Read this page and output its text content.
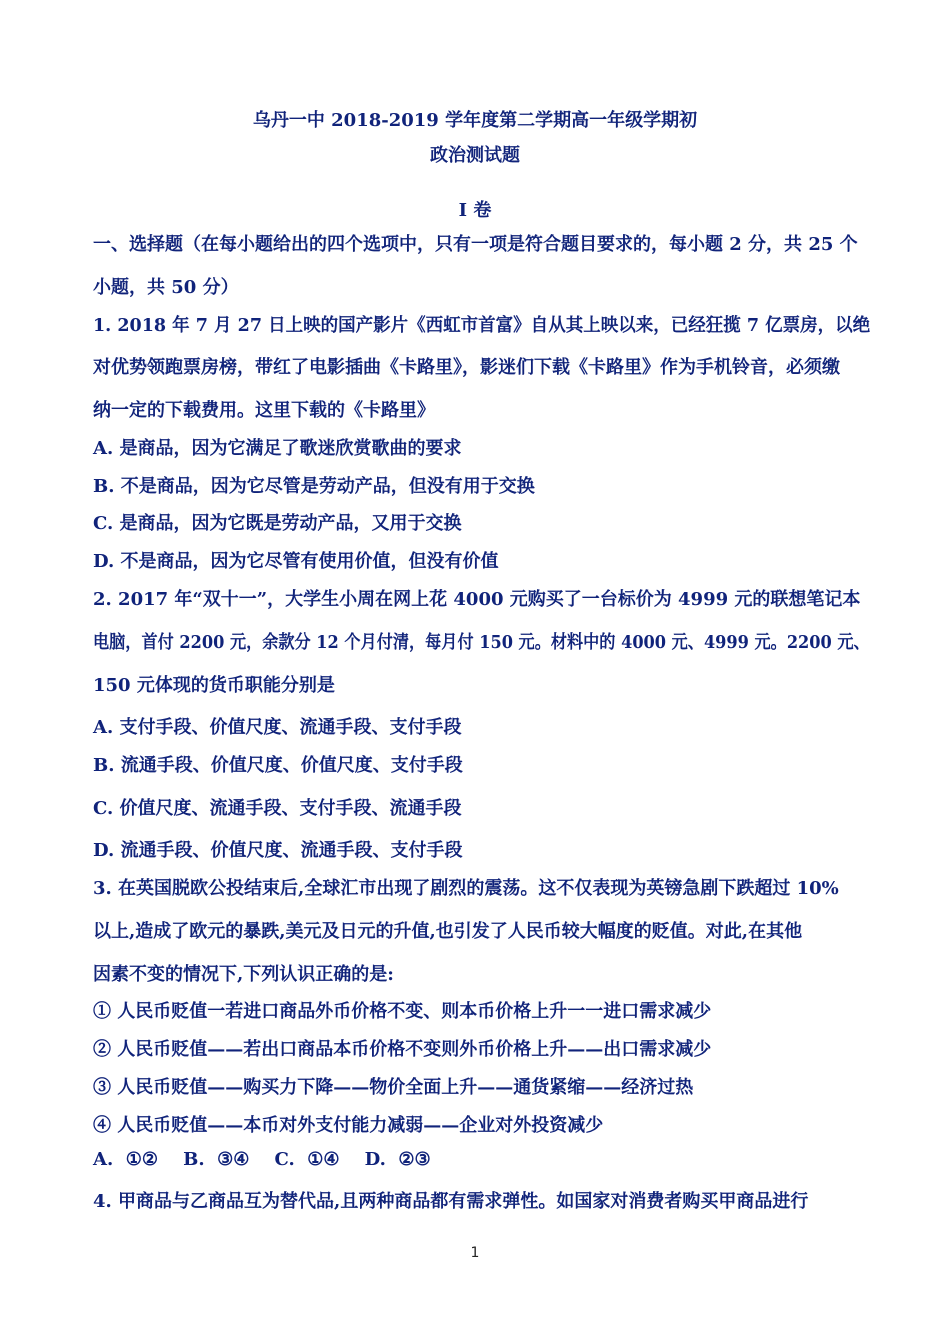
乌丹一中 2018-2019 学年度第二学期高一年级学期初
政治测试题
I 卷
一、选择题（在每小题给出的四个选项中，只有一项是符合题目要求的，每小题 2 分，共 25 个
小题，共 50 分）
1. 2018 年 7 月 27 日上映的国产影片《西虹市首富》自从其上映以来，已经狂揽 7 亿票房，以绝
对优势领跑票房榜，带红了电影插曲《卡路里》，影迷们下载《卡路里》作为手机铃音，必须缴
纳一定的下载费用。这里下载的《卡路里》
A. 是商品，因为它满足了歌迷欣赏歌曲的要求
B. 不是商品，因为它尽管是劳动产品，但没有用于交换
C. 是商品，因为它既是劳动产品，又用于交换
D. 不是商品，因为它尽管有使用价值，但没有价值
2. 2017 年“双十一”，大学生小周在网上花 4000 元购买了一台标价为 4999 元的联想笔记本
电脑，首付 2200 元，余款分 12 个月付清，每月付 150 元。材料中的 4000 元、4999 元。2200 元、
150 元体现的货币职能分别是
A. 支付手段、价值尺度、流通手段、支付手段
B. 流通手段、价值尺度、价值尺度、支付手段
C. 价值尺度、流通手段、支付手段、流通手段
D. 流通手段、价值尺度、流通手段、支付手段
3. 在英国脱欧公投结束后,全球汇市出现了剧烈的震荡。这不仅表现为英镑急剧下跌超过 10%
以上,造成了欧元的暴跌,美元及日元的升值,也引发了人民币较大幅度的贬值。对此,在其他
因素不变的情况下,下列认识正确的是:
① 人民币贬值一若进口商品外币价格不变、则本币价格上升一一进口需求减少
② 人民币贬值——若出口商品本币价格不变则外币价格上升——出口需求减少
③ 人民币贬值——购买力下降——物价全面上升——通货紧缩——经济过热
④ 人民币贬值——本币对外支付能力减弱——企业对外投资减少
A.  ①②    B.  ③④    C.  ①④    D.  ②③
4. 甲商品与乙商品互为替代品,且两种商品都有需求弹性。如国家对消费者购买甲商品进行
1
